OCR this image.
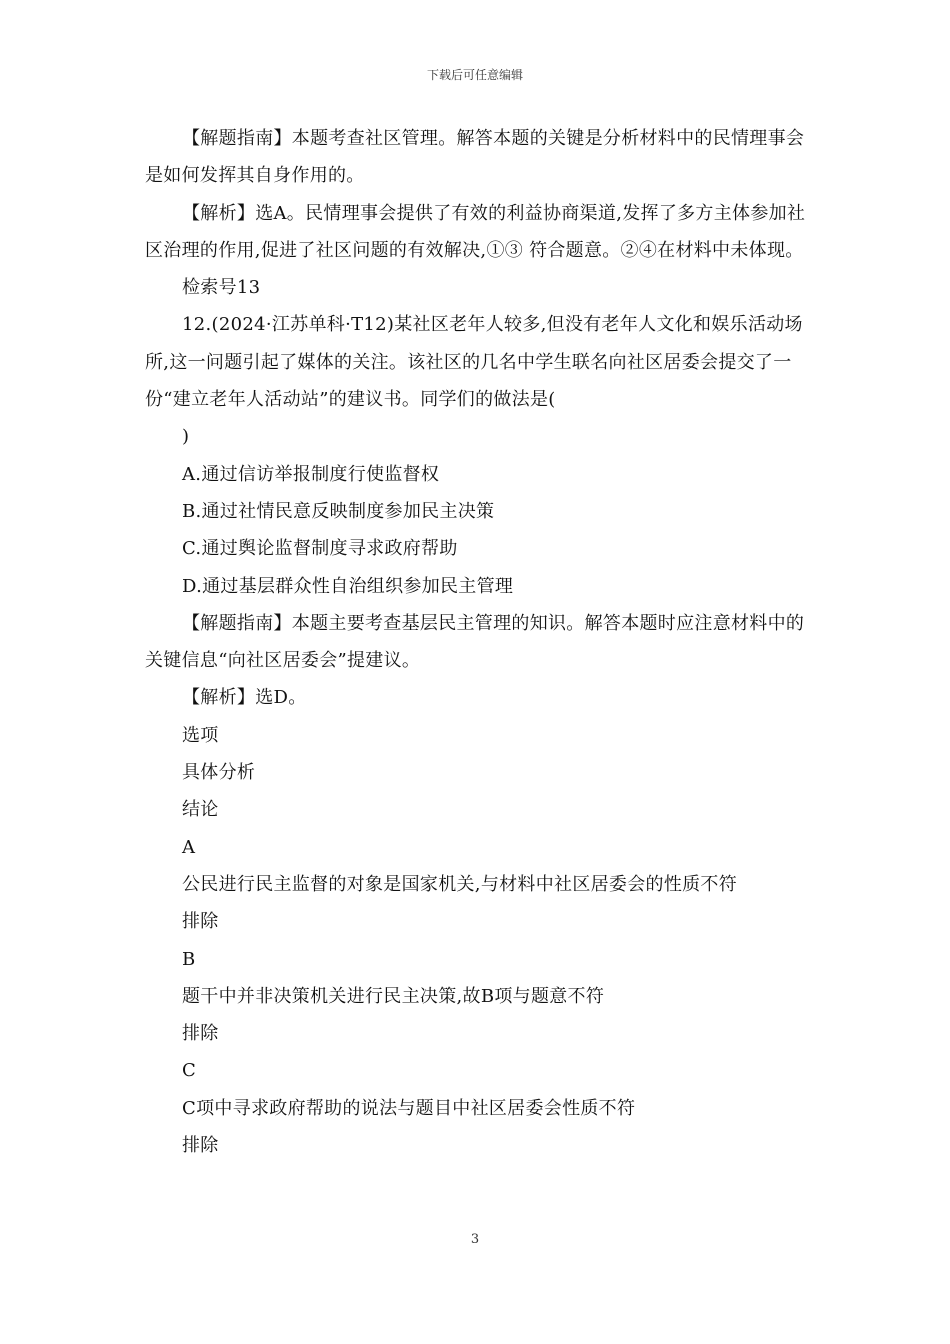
下载后可任意编辑

【解题指南】本题考查社区管理。解答本题的关键是分析材料中的民情理事会是如何发挥其自身作用的。

【解析】选A。民情理事会提供了有效的利益协商渠道,发挥了多方主体参加社区治理的作用,促进了社区问题的有效解决,①③ 符合题意。②④在材料中未体现。

检索号13

12.(2024·江苏单科·T12)某社区老年人较多,但没有老年人文化和娱乐活动场所,这一问题引起了媒体的关注。该社区的几名中学生联名向社区居委会提交了一份“建立老年人活动站”的建议书。同学们的做法是(

)

A.通过信访举报制度行使监督权

B.通过社情民意反映制度参加民主决策

C.通过舆论监督制度寻求政府帮助

D.通过基层群众性自治组织参加民主管理

【解题指南】本题主要考查基层民主管理的知识。解答本题时应注意材料中的关键信息“向社区居委会”提建议。

【解析】选D。

选项

具体分析

结论

A

公民进行民主监督的对象是国家机关,与材料中社区居委会的性质不符

排除

B

题干中并非决策机关进行民主决策,故B项与题意不符

排除

C

C项中寻求政府帮助的说法与题目中社区居委会性质不符

排除

3
